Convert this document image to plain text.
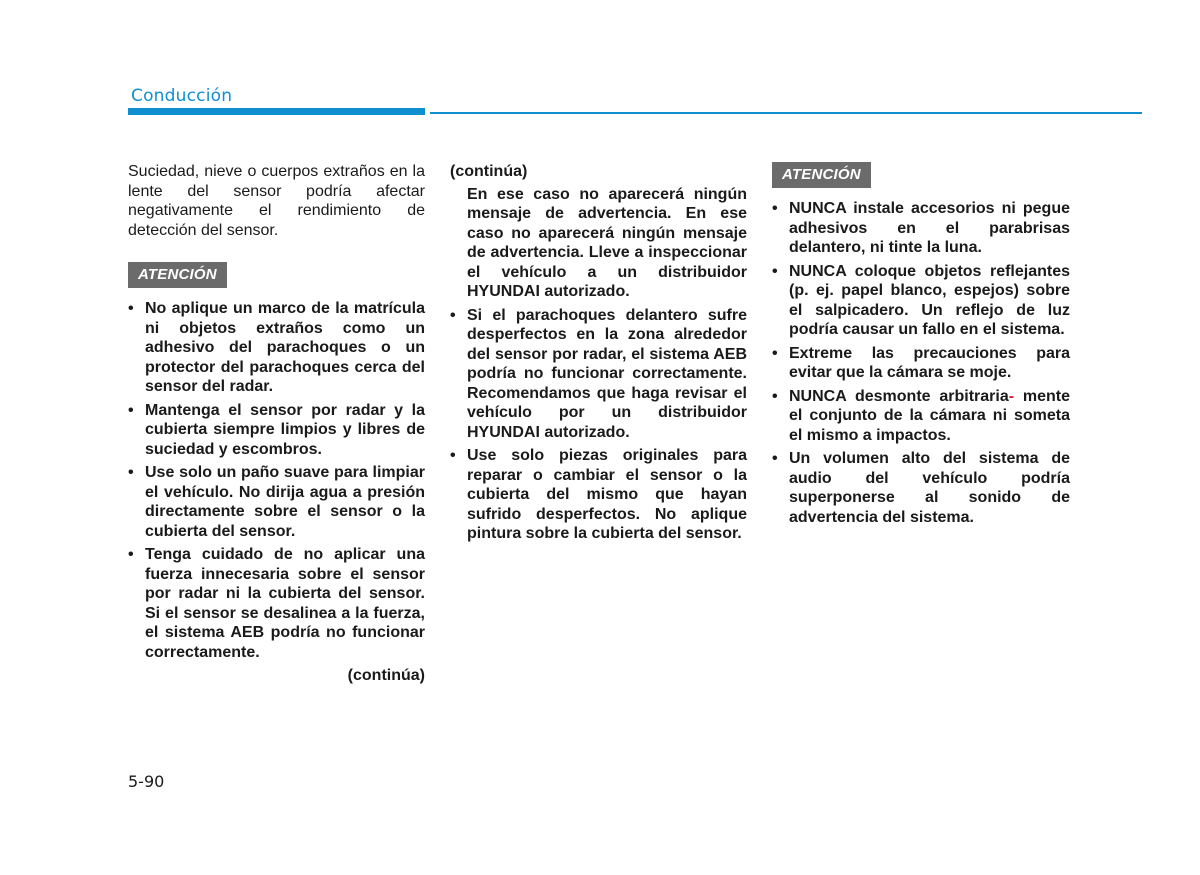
Conducción

Suciedad, nieve o cuerpos extraños en la lente del sensor podría afectar negativamente el rendimiento de detección del sensor.

ATENCIÓN
• No aplique un marco de la matrícula ni objetos extraños como un adhesivo del parachoques o un protector del parachoques cerca del sensor del radar.
• Mantenga el sensor por radar y la cubierta siempre limpios y libres de suciedad y escombros.
• Use solo un paño suave para limpiar el vehículo. No dirija agua a presión directamente sobre el sensor o la cubierta del sensor.
• Tenga cuidado de no aplicar una fuerza innecesaria sobre el sensor por radar ni la cubierta del sensor. Si el sensor se desalinea a la fuerza, el sistema AEB podría no funcionar correctamente.
(continúa)
(continúa)
En ese caso no aparecerá ningún mensaje de advertencia. En ese caso no aparecerá ningún mensaje de advertencia. Lleve a inspeccionar el vehículo a un distribuidor HYUNDAI autorizado.
• Si el parachoques delantero sufre desperfectos en la zona alrededor del sensor por radar, el sistema AEB podría no funcionar correctamente. Recomendamos que haga revisar el vehículo por un distribuidor HYUNDAI autorizado.
• Use solo piezas originales para reparar o cambiar el sensor o la cubierta del mismo que hayan sufrido desperfectos. No aplique pintura sobre la cubierta del sensor.
ATENCIÓN
• NUNCA instale accesorios ni pegue adhesivos en el parabrisas delantero, ni tinte la luna.
• NUNCA coloque objetos reflejantes (p. ej. papel blanco, espejos) sobre el salpicadero. Un reflejo de luz podría causar un fallo en el sistema.
• Extreme las precauciones para evitar que la cámara se moje.
• NUNCA desmonte arbitraria- mente el conjunto de la cámara ni someta el mismo a impactos.
• Un volumen alto del sistema de audio del vehículo podría superponerse al sonido de advertencia del sistema.
5-90
